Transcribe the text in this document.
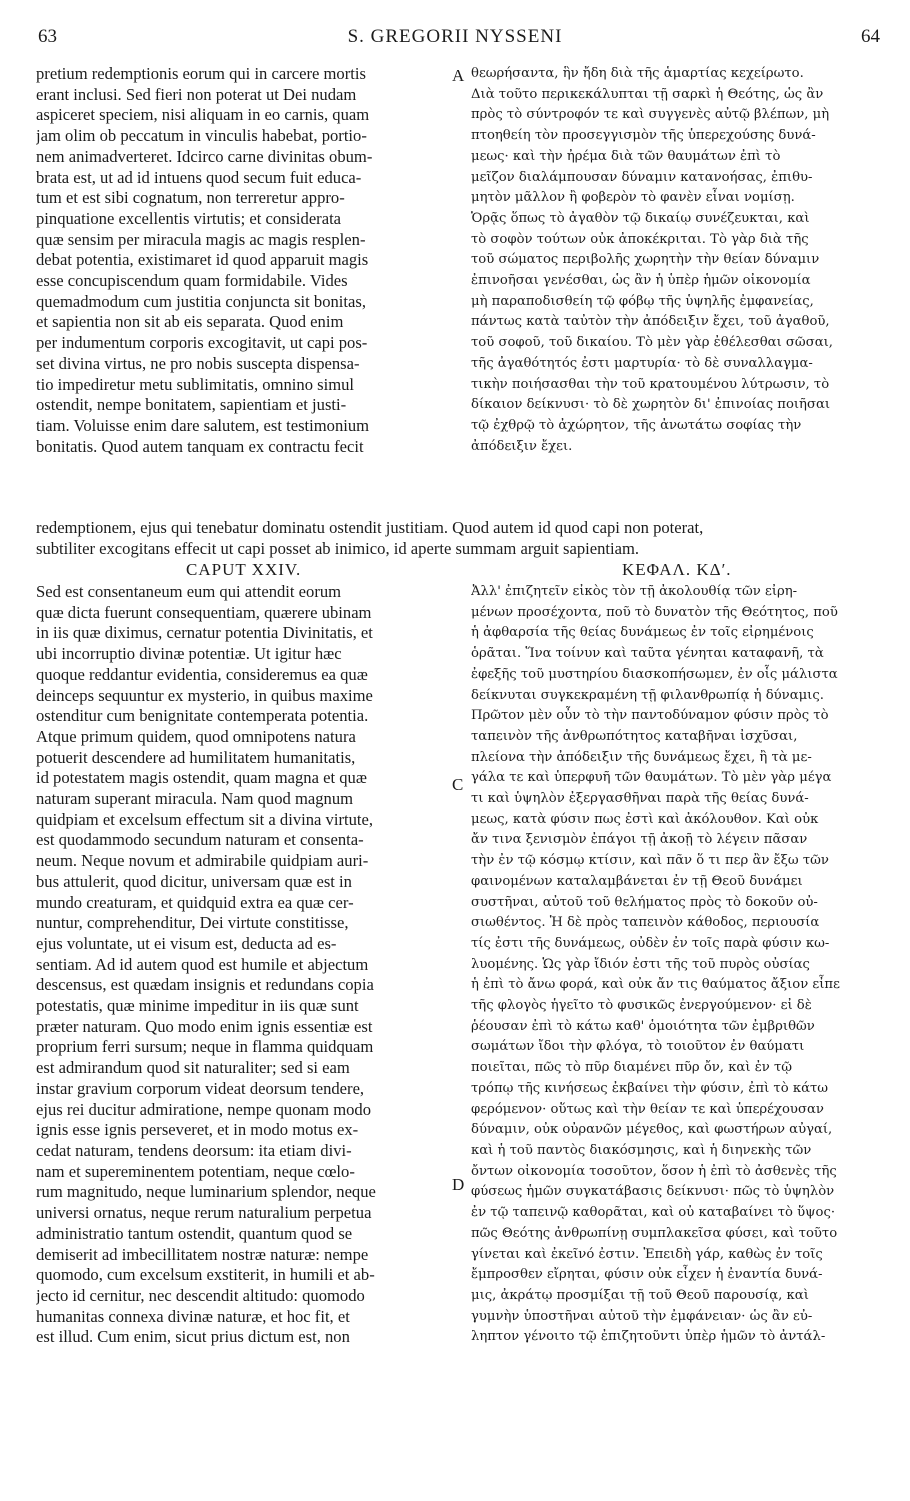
63	S. GREGORII NYSSENI	64
A
C
D
pretium redemptionis eorum qui in carcere mortis
erant inclusi. Sed fieri non poterat ut Dei nudam
aspiceret speciem, nisi aliquam in eo carnis, quam
jam olim ob peccatum in vinculis habebat, portio-
nem animadverteret. Idcirco carne divinitas obum-
brata est, ut ad id intuens quod secum fuit educa-
tum et est sibi cognatum, non terreretur appro-
pinquatione excellentis virtutis; et considerata
quæ sensim per miracula magis ac magis resplen-
debat potentia, existimaret id quod apparuit magis
esse concupiscendum quam formidabile. Vides
quemadmodum cum justitia conjuncta sit bonitas,
et sapientia non sit ab eis separata. Quod enim
per indumentum corporis excogitavit, ut capi pos-
set divina virtus, ne pro nobis suscepta dispensa-
tio impediretur metu sublimitatis, omnino simul
ostendit, nempe bonitatem, sapientiam et justi-
tiam. Voluisse enim dare salutem, est testimonium
bonitatis. Quod autem tanquam ex contractu fecit
θεωρήσαντα, ἣν ἤδη διὰ τῆς ἁμαρτίας κεχείρωτο.
Διὰ τοῦτο περικεκάλυπται τῇ σαρκὶ ἡ Θεότης, ὡς ἂν
πρὸς τὸ σύντροφόν τε καὶ συγγενὲς αὐτῷ βλέπων, μὴ
πτοηθείη τὸν προσεγγισμὸν τῆς ὑπερεχούσης δυνά-
μεως· καὶ τὴν ἠρέμα διὰ τῶν θαυμάτων ἐπὶ τὸ
μεῖζον διαλάμπουσαν δύναμιν κατανοήσας, ἐπιθυ-
μητὸν μᾶλλον ἢ φοβερὸν τὸ φανὲν εἶναι νομίσῃ.
Ὁρᾷς ὅπως τὸ ἀγαθὸν τῷ δικαίῳ συνέζευκται, καὶ
τὸ σοφὸν τούτων οὐκ ἀποκέκριται. Τὸ γὰρ διὰ τῆς
τοῦ σώματος περιβολῆς χωρητὴν τὴν θείαν δύναμιν
ἐπινοῆσαι γενέσθαι, ὡς ἂν ἡ ὑπὲρ ἡμῶν οἰκονομία
μὴ παραποδισθείη τῷ φόβῳ τῆς ὑψηλῆς ἐμφανείας,
πάντως κατὰ ταὐτὸν τὴν ἀπόδειξιν ἔχει, τοῦ ἀγαθοῦ,
τοῦ σοφοῦ, τοῦ δικαίου. Τὸ μὲν γὰρ ἐθέλεσθαι σῶσαι,
τῆς ἀγαθότητός ἐστι μαρτυρία· τὸ δὲ συναλλαγμα-
τικὴν ποιήσασθαι τὴν τοῦ κρατουμένου λύτρωσιν, τὸ
δίκαιον δείκνυσι· τὸ δὲ χωρητὸν δι' ἐπινοίας ποιῆσαι
τῷ ἐχθρῷ τὸ ἀχώρητον, τῆς ἀνωτάτω σοφίας τὴν
ἀπόδειξιν ἔχει.
redemptionem, ejus qui tenebatur dominatu ostendit justitiam. Quod autem id quod capi non poterat,
subtiliter excogitans effecit ut capi posset ab inimico, id aperte summam arguit sapientiam.
CAPUT XXIV.	ΚΕΦΑΛ. ΚΔʹ.
Sed est consentaneum eum qui attendit eorum
quæ dicta fuerunt consequentiam, quærere ubinam
in iis quæ diximus, cernatur potentia Divinitatis, et
ubi incorruptio divinæ potentiæ. Ut igitur hæc
quoque reddantur evidentia, consideremus ea quæ
deinceps sequuntur ex mysterio, in quibus maxime
ostenditur cum benignitate contemperata potentia.
Atque primum quidem, quod omnipotens natura
potuerit descendere ad humilitatem humanitatis,
id potestatem magis ostendit, quam magna et quæ
naturam superant miracula. Nam quod magnum
quidpiam et excelsum effectum sit a divina virtute,
est quodammodo secundum naturam et consenta-
neum. Neque novum et admirabile quidpiam auri-
bus attulerit, quod dicitur, universam quæ est in
mundo creaturam, et quidquid extra ea quæ cer-
nuntur, comprehenditur, Dei virtute constitisse,
ejus voluntate, ut ei visum est, deducta ad es-
sentiam. Ad id autem quod est humile et abjectum
descensus, est quædam insignis et redundans copia
potestatis, quæ minime impeditur in iis quæ sunt
præter naturam. Quo modo enim ignis essentiæ est
proprium ferri sursum; neque in flamma quidquam
est admirandum quod sit naturaliter; sed si eam
instar gravium corporum videat deorsum tendere,
ejus rei ducitur admiratione, nempe quonam modo
ignis esse ignis perseveret, et in modo motus ex-
cedat naturam, tendens deorsum: ita etiam divi-
nam et supereminentem potentiam, neque cœlo-
rum magnitudo, neque luminarium splendor, neque
universi ornatus, neque rerum naturalium perpetua
administratio tantum ostendit, quantum quod se
demiserit ad imbecillitatem nostræ naturæ: nempe
quomodo, cum excelsum exstiterit, in humili et ab-
jecto id cernitur, nec descendit altitudo: quomodo
humanitas connexa divinæ naturæ, et hoc fit, et
est illud. Cum enim, sicut prius dictum est, non
Ἀλλ' ἐπιζητεῖν εἰκὸς τὸν τῇ ἀκολουθίᾳ τῶν εἰρη-
μένων προσέχοντα, ποῦ τὸ δυνατὸν τῆς Θεότητος, ποῦ
ἡ ἀφθαρσία τῆς θείας δυνάμεως ἐν τοῖς εἰρημένοις
ὁρᾶται. Ἵνα τοίνυν καὶ ταῦτα γένηται καταφανῆ, τὰ
ἐφεξῆς τοῦ μυστηρίου διασκοπήσωμεν, ἐν οἷς μάλιστα
δείκνυται συγκεκραμένη τῇ φιλανθρωπίᾳ ἡ δύναμις.
Πρῶτον μὲν οὖν τὸ τὴν παντοδύναμον φύσιν πρὸς τὸ
ταπεινὸν τῆς ἀνθρωπότητος καταβῆναι ἰσχῦσαι,
πλείονα τὴν ἀπόδειξιν τῆς δυνάμεως ἔχει, ἢ τὰ με-
γάλα τε καὶ ὑπερφυῆ τῶν θαυμάτων. Τὸ μὲν γὰρ μέγα
τι καὶ ὑψηλὸν ἐξεργασθῆναι παρὰ τῆς θείας δυνά-
μεως, κατὰ φύσιν πως ἐστὶ καὶ ἀκόλουθον. Καὶ οὐκ
ἄν τινα ξενισμὸν ἐπάγοι τῇ ἀκοῇ τὸ λέγειν πᾶσαν
τὴν ἐν τῷ κόσμῳ κτίσιν, καὶ πᾶν ὅ τι περ ἂν ἔξω τῶν
φαινομένων καταλαμβάνεται ἐν τῇ Θεοῦ δυνάμει
συστῆναι, αὐτοῦ τοῦ θελήματος πρὸς τὸ δοκοῦν οὐ-
σιωθέντος. Ἡ δὲ πρὸς ταπεινὸν κάθοδος, περιουσία
τίς ἐστι τῆς δυνάμεως, οὐδὲν ἐν τοῖς παρὰ φύσιν κω-
λυομένης. Ὡς γὰρ ἴδιόν ἐστι τῆς τοῦ πυρὸς οὐσίας
ἡ ἐπὶ τὸ ἄνω φορά, καὶ οὐκ ἄν τις θαύματος ἄξιον εἶπε
τῆς φλογὸς ἡγεῖτο τὸ φυσικῶς ἐνεργούμενον· εἰ δὲ
ῥέουσαν ἐπὶ τὸ κάτω καθ' ὁμοιότητα τῶν ἐμβριθῶν
σωμάτων ἴδοι τὴν φλόγα, τὸ τοιοῦτον ἐν θαύματι
ποιεῖται, πῶς τὸ πῦρ διαμένει πῦρ ὄν, καὶ ἐν τῷ
τρόπῳ τῆς κινήσεως ἐκβαίνει τὴν φύσιν, ἐπὶ τὸ κάτω
φερόμενον· οὕτως καὶ τὴν θείαν τε καὶ ὑπερέχουσαν
δύναμιν, οὐκ οὐρανῶν μέγεθος, καὶ φωστήρων αὐγαί,
καὶ ἡ τοῦ παντὸς διακόσμησις, καὶ ἡ διηνεκὴς τῶν
ὄντων οἰκονομία τοσοῦτον, ὅσον ἡ ἐπὶ τὸ ἀσθενὲς τῆς
φύσεως ἡμῶν συγκατάβασις δείκνυσι· πῶς τὸ ὑψηλὸν
ἐν τῷ ταπεινῷ καθορᾶται, καὶ οὐ καταβαίνει τὸ ὕψος·
πῶς Θεότης ἀνθρωπίνῃ συμπλακεῖσα φύσει, καὶ τοῦτο
γίνεται καὶ ἐκεῖνό ἐστιν. Ἐπειδὴ γάρ, καθὼς ἐν τοῖς
ἔμπροσθεν εἴρηται, φύσιν οὐκ εἶχεν ἡ ἐναντία δυνά-
μις, ἀκράτῳ προσμίξαι τῇ τοῦ Θεοῦ παρουσίᾳ, καὶ
γυμνὴν ὑποστῆναι αὐτοῦ τὴν ἐμφάνειαν· ὡς ἂν εὐ-
ληπτον γένοιτο τῷ ἐπιζητοῦντι ὑπὲρ ἡμῶν τὸ ἀντάλ-
